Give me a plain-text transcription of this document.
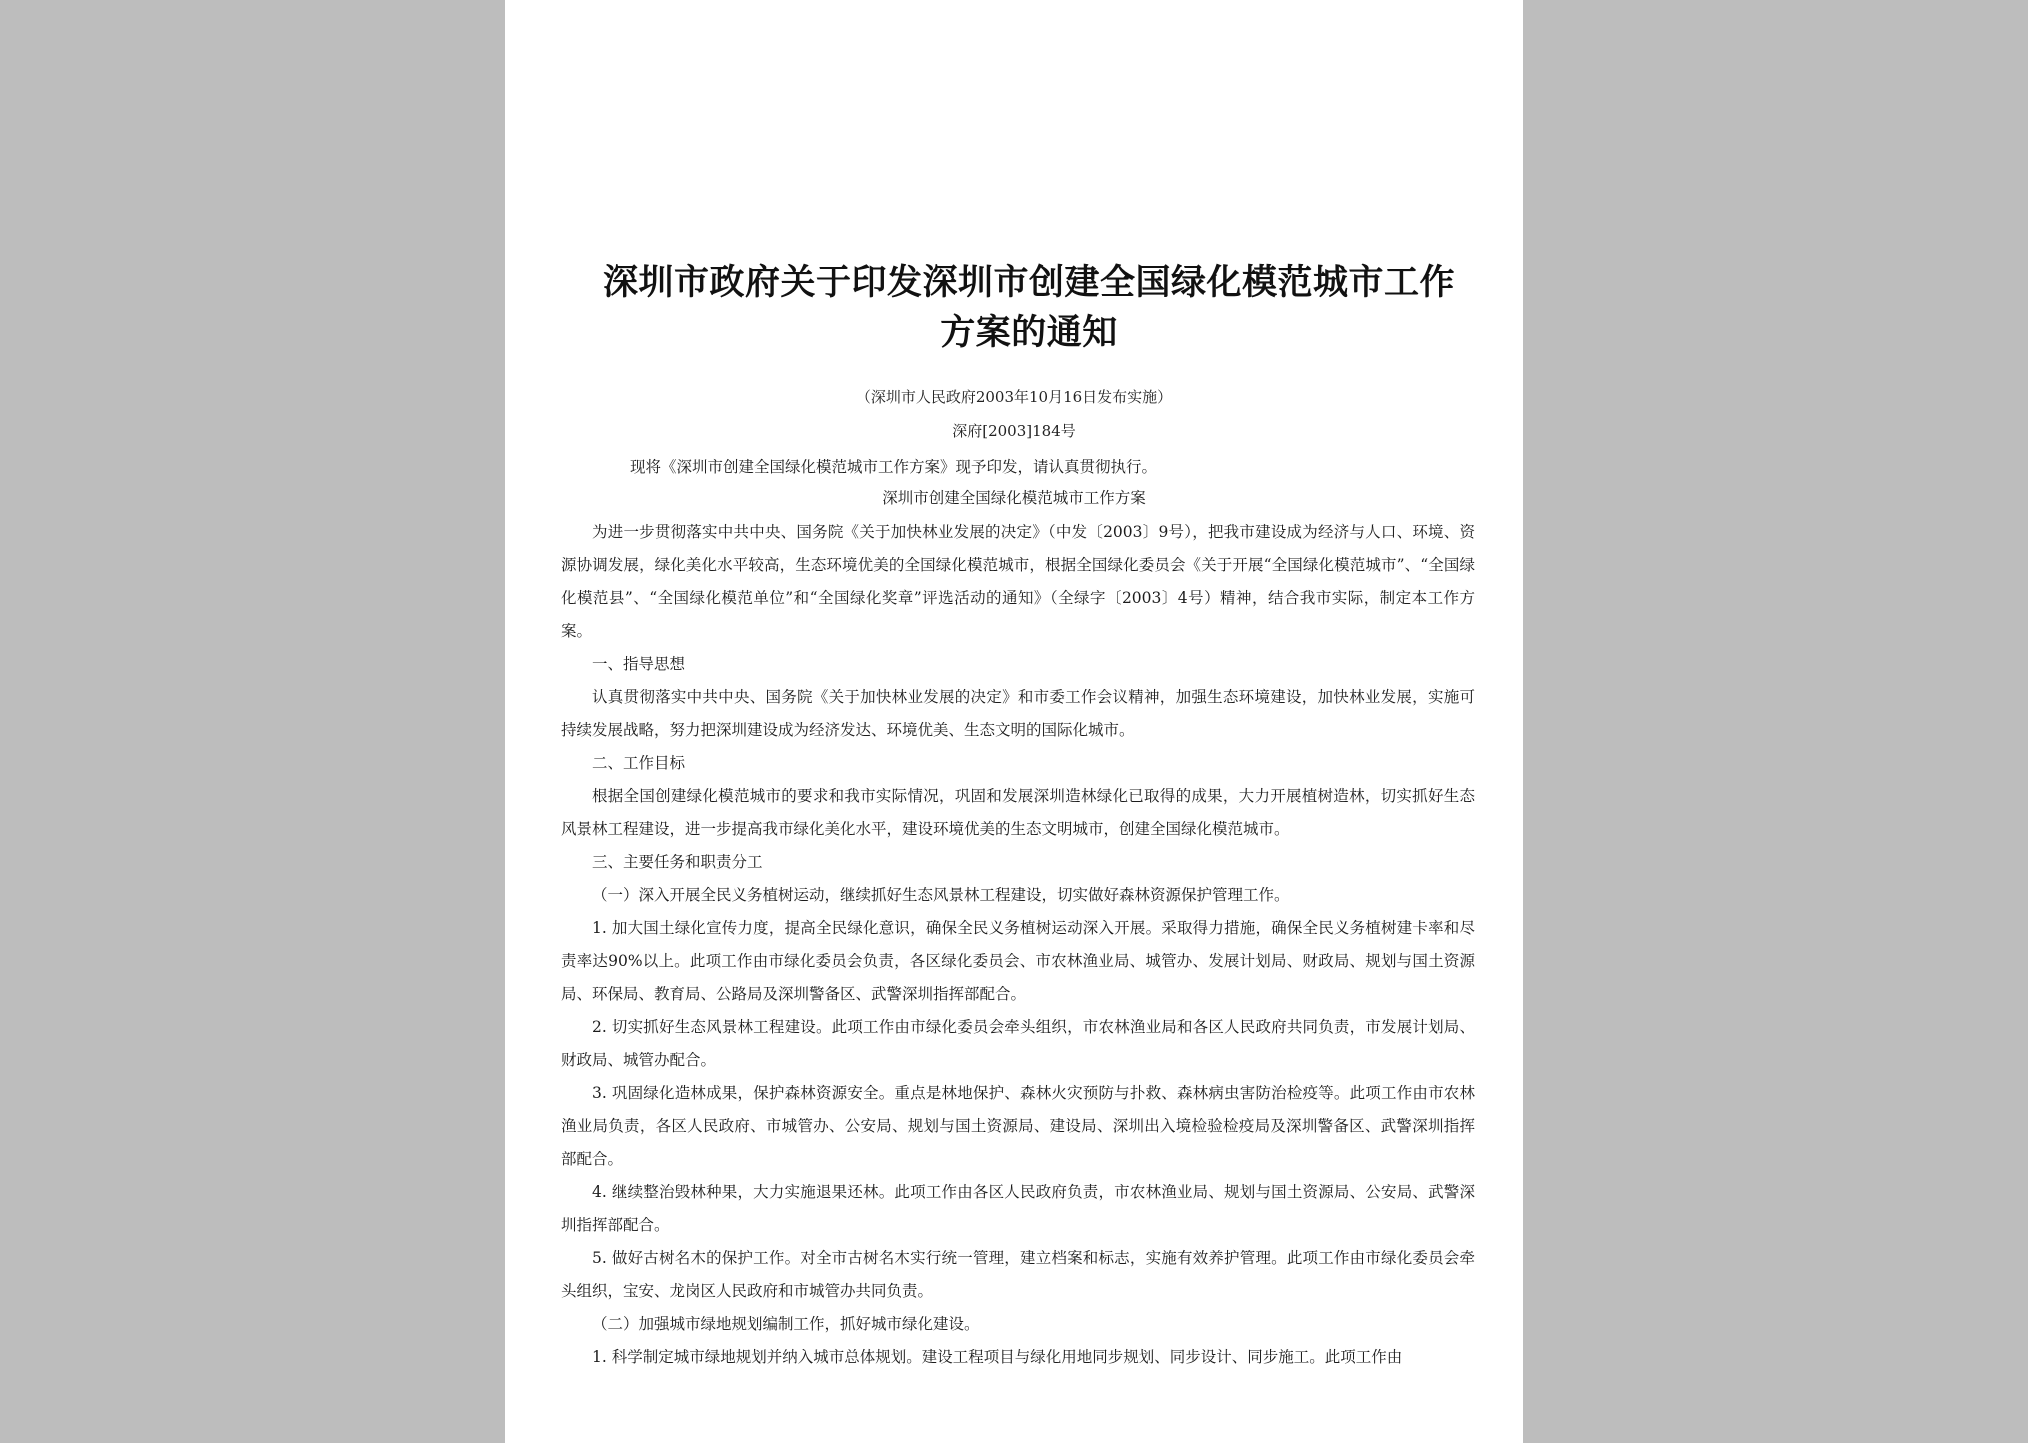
深圳市政府关于印发深圳市创建全国绿化模范城市工作方案的通知
（深圳市人民政府2003年10月16日发布实施）
深府[2003]184号
现将《深圳市创建全国绿化模范城市工作方案》现予印发，请认真贯彻执行。
深圳市创建全国绿化模范城市工作方案

为进一步贯彻落实中共中央、国务院《关于加快林业发展的决定》（中发〔2003〕9号），把我市建设成为经济与人口、环境、资源协调发展，绿化美化水平较高，生态环境优美的全国绿化模范城市，根据全国绿化委员会《关于开展“全国绿化模范城市”、“全国绿化模范县”、“全国绿化模范单位”和“全国绿化奖章”评选活动的通知》（全绿字〔2003〕4号）精神，结合我市实际，制定本工作方案。

一、指导思想

认真贯彻落实中共中央、国务院《关于加快林业发展的决定》和市委工作会议精神，加强生态环境建设，加快林业发展，实施可持续发展战略，努力把深圳建设成为经济发达、环境优美、生态文明的国际化城市。

二、工作目标

根据全国创建绿化模范城市的要求和我市实际情况，巩固和发展深圳造林绿化已取得的成果，大力开展植树造林，切实抓好生态风景林工程建设，进一步提高我市绿化美化水平，建设环境优美的生态文明城市，创建全国绿化模范城市。

三、主要任务和职责分工

（一）深入开展全民义务植树运动，继续抓好生态风景林工程建设，切实做好森林资源保护管理工作。

1. 加大国土绿化宣传力度，提高全民绿化意识，确保全民义务植树运动深入开展。采取得力措施，确保全民义务植树建卡率和尽责率达90%以上。此项工作由市绿化委员会负责，各区绿化委员会、市农林渔业局、城管办、发展计划局、财政局、规划与国土资源局、环保局、教育局、公路局及深圳警备区、武警深圳指挥部配合。

2. 切实抓好生态风景林工程建设。此项工作由市绿化委员会牵头组织，市农林渔业局和各区人民政府共同负责，市发展计划局、财政局、城管办配合。

3. 巩固绿化造林成果，保护森林资源安全。重点是林地保护、森林火灾预防与扑救、森林病虫害防治检疫等。此项工作由市农林渔业局负责，各区人民政府、市城管办、公安局、规划与国土资源局、建设局、深圳出入境检验检疫局及深圳警备区、武警深圳指挥部配合。

4. 继续整治毁林种果，大力实施退果还林。此项工作由各区人民政府负责，市农林渔业局、规划与国土资源局、公安局、武警深圳指挥部配合。

5. 做好古树名木的保护工作。对全市古树名木实行统一管理，建立档案和标志，实施有效养护管理。此项工作由市绿化委员会牵头组织，宝安、龙岗区人民政府和市城管办共同负责。

（二）加强城市绿地规划编制工作，抓好城市绿化建设。

1. 科学制定城市绿地规划并纳入城市总体规划。建设工程项目与绿化用地同步规划、同步设计、同步施工。此项工作由
